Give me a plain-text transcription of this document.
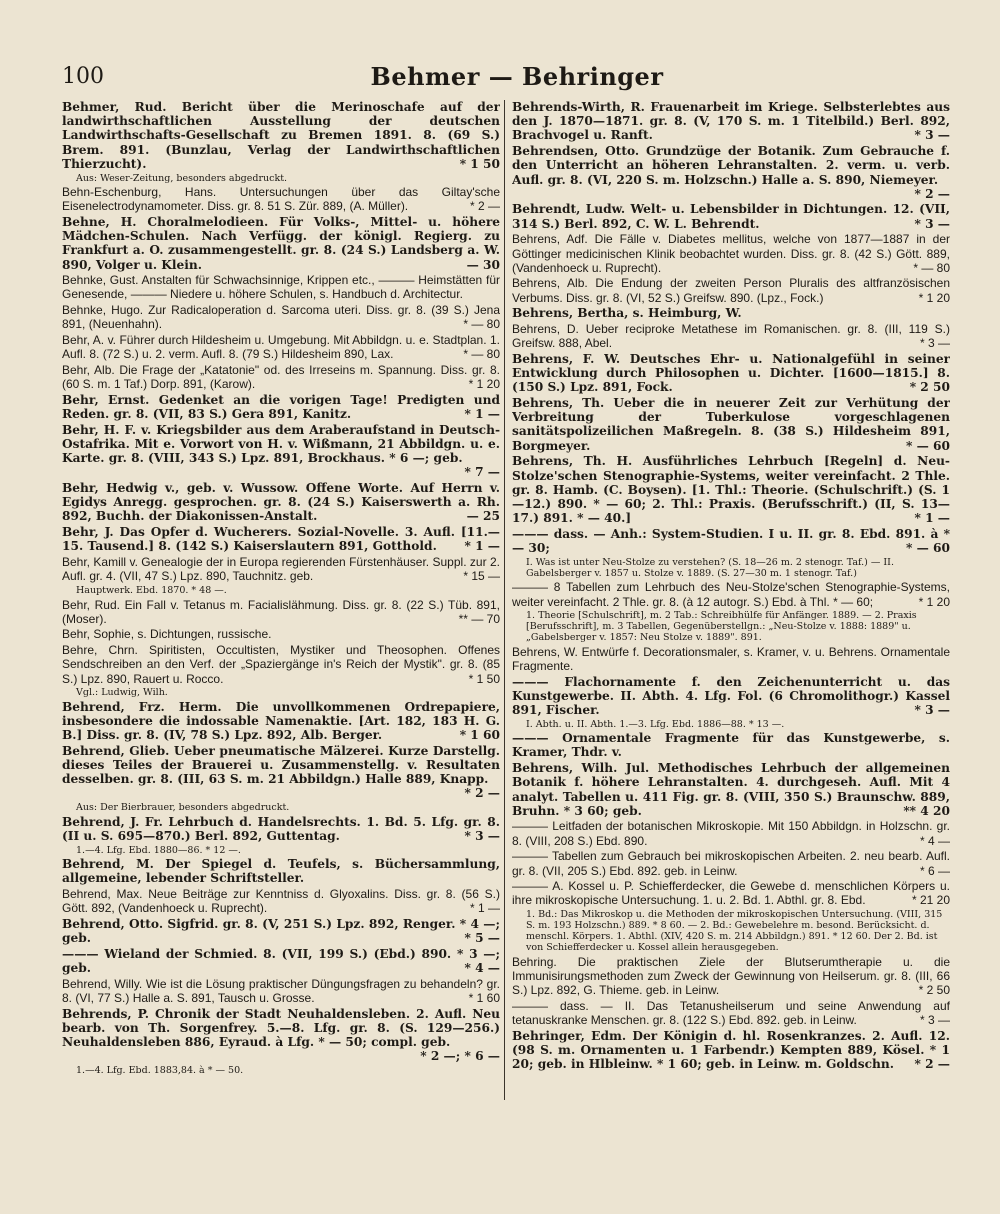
100	Behmer — Behringer
Behmer, Rud. Bericht über die Merinoschafe auf der landwirthschaftlichen Ausstellung der deutschen Landwirthschafts-Gesellschaft zu Bremen 1891. 8. (69 S.) Brem. 891. (Bunzlau, Verlag der Landwirthschaftlichen Thierzucht).	* 1 50
Aus: Weser-Zeitung, besonders abgedruckt.
Behn-Eschenburg, Hans. Untersuchungen über das Giltay'sche Eisenelectrodynamometer. Diss. gr. 8. 51 S. Zür. 889, (A. Müller).	* 2 —
Behne, H. Choralmelodieen. Für Volks-, Mittel- u. höhere Mädchen-Schulen. Nach Verfügg. der königl. Regierg. zu Frankfurt a. O. zusammengestellt. gr. 8. (24 S.) Landsberg a. W. 890, Volger u. Klein.	— 30
Behnke, Gust. Anstalten für Schwachsinnige, Krippen etc., ——— Heimstätten für Genesende, ——— Niedere u. höhere Schulen, s. Handbuch d. Architectur.
Behnke, Hugo. Zur Radicaloperation d. Sarcoma uteri. Diss. gr. 8. (39 S.) Jena 891, (Neuenhahn).	* — 80
Behr, A. v. Führer durch Hildesheim u. Umgebung. Mit Abbildgn. u. e. Stadtplan. 1. Aufl. 8. (72 S.) u. 2. verm. Aufl. 8. (79 S.) Hildesheim 890, Lax.	* — 80
Behr, Alb. Die Frage der „Katatonie" od. des Irreseins m. Spannung. Diss. gr. 8. (60 S. m. 1 Taf.) Dorp. 891, (Karow).	* 1 20
Behr, Ernst. Gedenket an die vorigen Tage! Predigten und Reden. gr. 8. (VII, 83 S.) Gera 891, Kanitz.	* 1 —
Behr, H. F. v. Kriegsbilder aus dem Araberaufstand in Deutsch-Ostafrika. Mit e. Vorwort von H. v. Wißmann, 21 Abbildgn. u. e. Karte. gr. 8. (VIII, 343 S.) Lpz. 891, Brockhaus. * 6 —; geb.
* 7 —
Behr, Hedwig v., geb. v. Wussow. Offene Worte. Auf Herrn v. Egidys Anregg. gesprochen. gr. 8. (24 S.) Kaiserswerth a. Rh. 892, Buchh. der Diakonissen-Anstalt.	— 25
Behr, J. Das Opfer d. Wucherers. Sozial-Novelle. 3. Aufl. [11.—15. Tausend.] 8. (142 S.) Kaiserslautern 891, Gotthold. * 1 —
Behr, Kamill v. Genealogie der in Europa regierenden Fürstenhäuser. Suppl. zur 2. Aufl. gr. 4. (VII, 47 S.) Lpz. 890, Tauchnitz. geb.	* 15 —
Hauptwerk. Ebd. 1870. * 48 —.
Behr, Rud. Ein Fall v. Tetanus m. Facialislähmung. Diss. gr. 8. (22 S.) Tüb. 891, (Moser).	** — 70
Behr, Sophie, s. Dichtungen, russische.
Behre, Chrn. Spiritisten, Occultisten, Mystiker und Theosophen. Offenes Sendschreiben an den Verf. der „Spaziergänge in's Reich der Mystik". gr. 8. (85 S.) Lpz. 890, Rauert u. Rocco.	* 1 50
Vgl.: Ludwig, Wilh.
Behrend, Frz. Herm. Die unvollkommenen Ordrepapiere, insbesondere die indossable Namenaktie. [Art. 182, 183 H. G. B.] Diss. gr. 8. (IV, 78 S.) Lpz. 892, Alb. Berger.	* 1 60
Behrend, Glieb. Ueber pneumatische Mälzerei. Kurze Darstellg. dieses Teiles der Brauerei u. Zusammenstellg. v. Resultaten desselben. gr. 8. (III, 63 S. m. 21 Abbildgn.) Halle 889, Knapp.
* 2 —
Aus: Der Bierbrauer, besonders abgedruckt.
Behrend, J. Fr. Lehrbuch d. Handelsrechts. 1. Bd. 5. Lfg. gr. 8. (II u. S. 695—870.) Berl. 892, Guttentag.	* 3 —
1.—4. Lfg. Ebd. 1880—86. * 12 —.
Behrend, M. Der Spiegel d. Teufels, s. Büchersammlung, allgemeine, lebender Schriftsteller.
Behrend, Max. Neue Beiträge zur Kenntniss d. Glyoxalins. Diss. gr. 8. (56 S.) Gött. 892, (Vandenhoeck u. Ruprecht).	* 1 —
Behrend, Otto. Sigfrid. gr. 8. (V, 251 S.) Lpz. 892, Renger. * 4 —; geb.	* 5 —
——— Wieland der Schmied. 8. (VII, 199 S.) (Ebd.) 890. * 3 —; geb.	* 4 —
Behrend, Willy. Wie ist die Lösung praktischer Düngungsfragen zu behandeln? gr. 8. (VI, 77 S.) Halle a. S. 891, Tausch u. Grosse.	* 1 60
Behrends, P. Chronik der Stadt Neuhaldensleben. 2. Aufl. Neu bearb. von Th. Sorgenfrey. 5.—8. Lfg. gr. 8. (S. 129—256.) Neuhaldensleben 886, Eyraud. à Lfg. * — 50; compl. geb.
* 2 —; * 6 —
1.—4. Lfg. Ebd. 1883,84. à * — 50.
Behrends-Wirth, R. Frauenarbeit im Kriege. Selbsterlebtes aus den J. 1870—1871. gr. 8. (V, 170 S. m. 1 Titelbild.) Berl. 892, Brachvogel u. Ranft.	* 3 —
Behrendsen, Otto. Grundzüge der Botanik. Zum Gebrauche f. den Unterricht an höheren Lehranstalten. 2. verm. u. verb. Aufl. gr. 8. (VI, 220 S. m. Holzschn.) Halle a. S. 890, Niemeyer.
* 2 —
Behrendt, Ludw. Welt- u. Lebensbilder in Dichtungen. 12. (VII, 314 S.) Berl. 892, C. W. L. Behrendt.	* 3 —
Behrens, Adf. Die Fälle v. Diabetes mellitus, welche von 1877—1887 in der Göttinger medicinischen Klinik beobachtet wurden. Diss. gr. 8. (42 S.) Gött. 889, (Vandenhoeck u. Ruprecht).	* — 80
Behrens, Alb. Die Endung der zweiten Person Pluralis des altfranzösischen Verbums. Diss. gr. 8. (VI, 52 S.) Greifsw. 890. (Lpz., Fock.)	* 1 20
Behrens, Bertha, s. Heimburg, W.
Behrens, D. Ueber reciproke Metathese im Romanischen. gr. 8. (III, 119 S.) Greifsw. 888, Abel.	* 3 —
Behrens, F. W. Deutsches Ehr- u. Nationalgefühl in seiner Entwicklung durch Philosophen u. Dichter. [1600—1815.] 8. (150 S.) Lpz. 891, Fock.	* 2 50
Behrens, Th. Ueber die in neuerer Zeit zur Verhütung der Verbreitung der Tuberkulose vorgeschlagenen sanitätspolizeilichen Maßregeln. 8. (38 S.) Hildesheim 891, Borgmeyer.	* — 60
Behrens, Th. H. Ausführliches Lehrbuch [Regeln] d. Neu-Stolze'schen Stenographie-Systems, weiter vereinfacht. 2 Thle. gr. 8. Hamb. (C. Boysen). [1. Thl.: Theorie. (Schulschrift.) (S. 1—12.) 890. * — 60; 2. Thl.: Praxis. (Berufsschrift.) (II, S. 13—17.) 891. * — 40.]	* 1 —
——— dass. — Anh.: System-Studien. I u. II. gr. 8. Ebd. 891. à * — 30;	* — 60
I. Was ist unter Neu-Stolze zu verstehen? (S. 18—26 m. 2 stenogr. Taf.) — II. Gabelsberger v. 1857 u. Stolze v. 1889. (S. 27—30 m. 1 stenogr. Taf.)
——— 8 Tabellen zum Lehrbuch des Neu-Stolze'schen Stenographie-Systems, weiter vereinfacht. 2 Thle. gr. 8. (à 12 autogr. S.) Ebd. à Thl. * — 60;	* 1 20
1. Theorie [Schulschrift], m. 2 Tab.: Schreibhülfe für Anfänger. 1889. — 2. Praxis [Berufsschrift], m. 3 Tabellen, Gegenüberstellgn.: „Neu-Stolze v. 1888: 1889" u. „Gabelsberger v. 1857: Neu Stolze v. 1889". 891.
Behrens, W. Entwürfe f. Decorationsmaler, s. Kramer, v. u. Behrens. Ornamentale Fragmente.
——— Flachornamente f. den Zeichenunterricht u. das Kunstgewerbe. II. Abth. 4. Lfg. Fol. (6 Chromolithogr.) Kassel 891, Fischer.	* 3 —
I. Abth. u. II. Abth. 1.—3. Lfg. Ebd. 1886—88. * 13 —.
——— Ornamentale Fragmente für das Kunstgewerbe, s. Kramer, Thdr. v.
Behrens, Wilh. Jul. Methodisches Lehrbuch der allgemeinen Botanik f. höhere Lehranstalten. 4. durchgeseh. Aufl. Mit 4 analyt. Tabellen u. 411 Fig. gr. 8. (VIII, 350 S.) Braunschw. 889, Bruhn. * 3 60; geb.	** 4 20
——— Leitfaden der botanischen Mikroskopie. Mit 150 Abbildgn. in Holzschn. gr. 8. (VIII, 208 S.) Ebd. 890.	* 4 —
——— Tabellen zum Gebrauch bei mikroskopischen Arbeiten. 2. neu bearb. Aufl. gr. 8. (VII, 205 S.) Ebd. 892. geb. in Leinw.	* 6 —
——— A. Kossel u. P. Schiefferdecker, die Gewebe d. menschlichen Körpers u. ihre mikroskopische Untersuchung. 1. u. 2. Bd. 1. Abthl. gr. 8. Ebd.	* 21 20
1. Bd.: Das Mikroskop u. die Methoden der mikroskopischen Untersuchung. (VIII, 315 S. m. 193 Holzschn.) 889. * 8 60. — 2. Bd.: Gewebelehre m. besond. Berücksicht. d. menschl. Körpers. 1. Abthl. (XIV, 420 S. m. 214 Abbildgn.) 891. * 12 60. Der 2. Bd. ist von Schiefferdecker u. Kossel allein herausgegeben.
Behring. Die praktischen Ziele der Blutserumtherapie u. die Immunisirungsmethoden zum Zweck der Gewinnung von Heilserum. gr. 8. (III, 66 S.) Lpz. 892, G. Thieme. geb. in Leinw.	* 2 50
——— dass. — II. Das Tetanusheilserum und seine Anwendung auf tetanuskranke Menschen. gr. 8. (122 S.) Ebd. 892. geb. in Leinw.	* 3 —
Behringer, Edm. Der Königin d. hl. Rosenkranzes. 2. Aufl. 12. (98 S. m. Ornamenten u. 1 Farbendr.) Kempten 889, Kösel. * 1 20; geb. in Hlbleinw. * 1 60; geb. in Leinw. m. Goldschn. * 2 —
